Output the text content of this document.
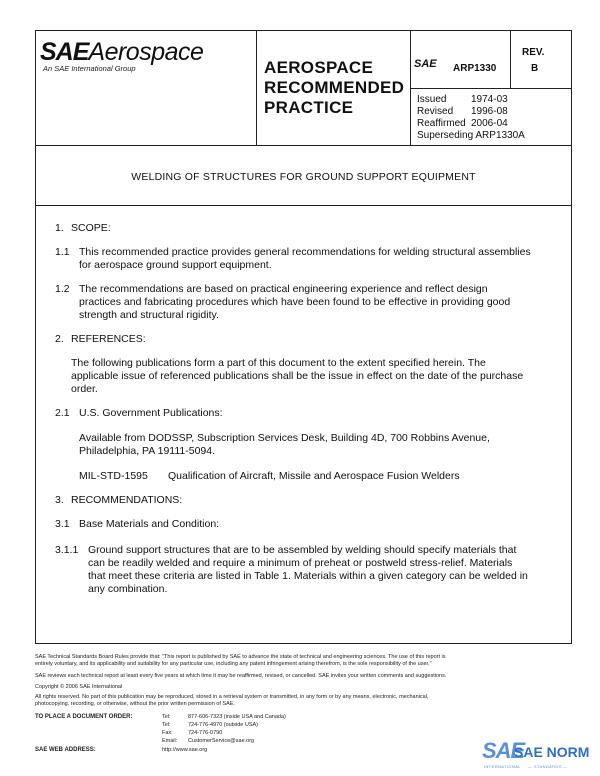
SAEAerospace
An SAE International Group	AEROSPACE
RECOMMENDED
PRACTICE
SAE ARP1330
REV.
B
Issued 1974-03
Revised 1996-08
Reaffirmed 2006-04
Superseding ARP1330A
WELDING OF STRUCTURES FOR GROUND SUPPORT EQUIPMENT
1. SCOPE:
1.1 This recommended practice provides general recommendations for welding structural assemblies
for aerospace ground support equipment.
1.2 The recommendations are based on practical engineering experience and reflect design
practices and fabricating procedures which have been found to be effective in providing good
strength and structural rigidity.
2. REFERENCES:
The following publications form a part of this document to the extent specified herein. The
applicable issue of referenced publications shall be the issue in effect on the date of the purchase
order.
2.1 U.S. Government Publications:
Available from DODSSP, Subscription Services Desk, Building 4D, 700 Robbins Avenue,
Philadelphia, PA 19111-5094.
MIL-STD-1595 Qualification of Aircraft, Missile and Aerospace Fusion Welders
3. RECOMMENDATIONS:
3.1 Base Materials and Condition:
3.1.1 Ground support structures that are to be assembled by welding should specify materials that
can be readily welded and require a minimum of preheat or postweld stress-relief. Materials
that meet these criteria are listed in Table 1. Materials within a given category can be welded in
any combination.
SAE Technical Standards Board Rules provide that: "This report is published by SAE to advance the state of technical and engineering sciences. The use of this report is
entirely voluntary, and its applicability and suitability for any particular use, including any patent infringement arising therefrom, is the sole responsibility of the user."
SAE reviews each technical report at least every five years at which time it may be reaffirmed, revised, or cancelled. SAE invites your written comments and suggestions.
Copyright © 2006 SAE International
All rights reserved. No part of this publication may be reproduced, stored in a retrieval system or transmitted, in any form or by any means, electronic, mechanical,
photocopying, recording, or otherwise, without the prior written permission of SAE.
TO PLACE A DOCUMENT ORDER:	Tel:	877-606-7323 (inside USA and Canada)
Tel:	724-776-4970 (outside USA)
Fax:	724-776-0790
Email: CustomerService@sae.org
SAE WEB ADDRESS:	http://www.sae.org	SAE
SAE NORM
INTERNATIONAL — STANDARDS —
